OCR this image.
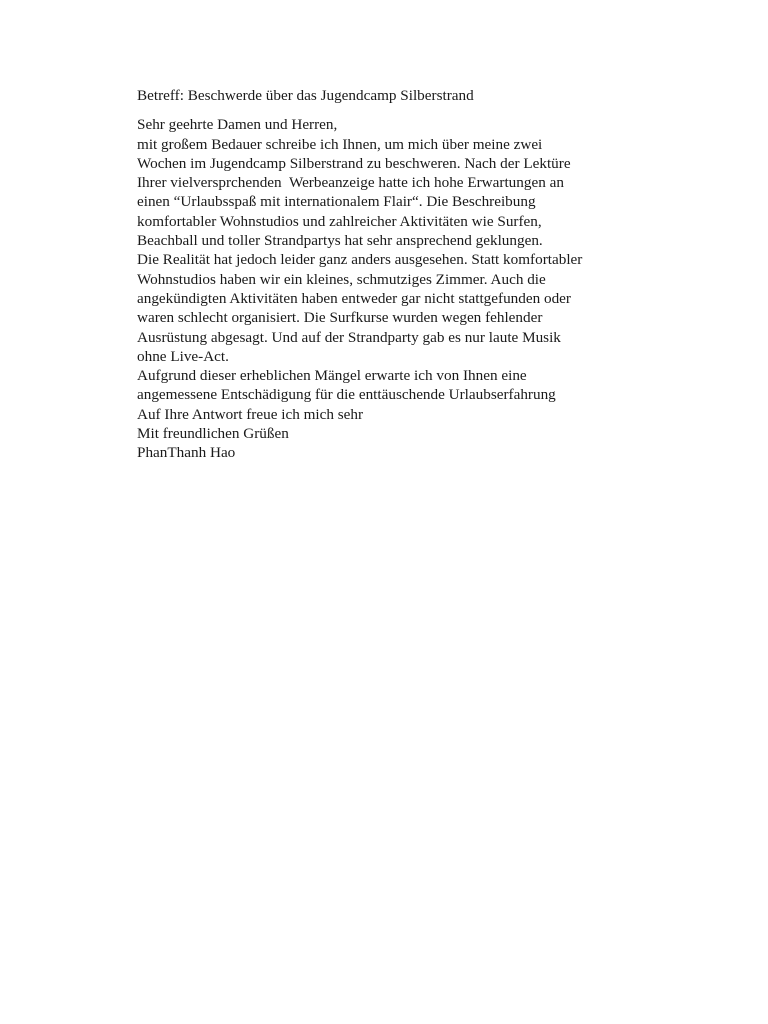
Betreff: Beschwerde über das Jugendcamp Silberstrand
Sehr geehrte Damen und Herren,
mit großem Bedauer schreibe ich Ihnen, um mich über meine zwei
Wochen im Jugendcamp Silberstrand zu beschweren. Nach der Lektüre
Ihrer vielversprchenden  Werbeanzeige hatte ich hohe Erwartungen an
einen “Urlaubsspaß mit internationalem Flair“. Die Beschreibung
komfortabler Wohnstudios und zahlreicher Aktivitäten wie Surfen,
Beachball und toller Strandpartys hat sehr ansprechend geklungen.
Die Realität hat jedoch leider ganz anders ausgesehen. Statt komfortabler
Wohnstudios haben wir ein kleines, schmutziges Zimmer. Auch die
angekündigten Aktivitäten haben entweder gar nicht stattgefunden oder
waren schlecht organisiert. Die Surfkurse wurden wegen fehlender
Ausrüstung abgesagt. Und auf der Strandparty gab es nur laute Musik
ohne Live-Act.
Aufgrund dieser erheblichen Mängel erwarte ich von Ihnen eine
angemessene Entschädigung für die enttäuschende Urlaubserfahrung
Auf Ihre Antwort freue ich mich sehr
Mit freundlichen Grüßen
PhanThanh Hao
